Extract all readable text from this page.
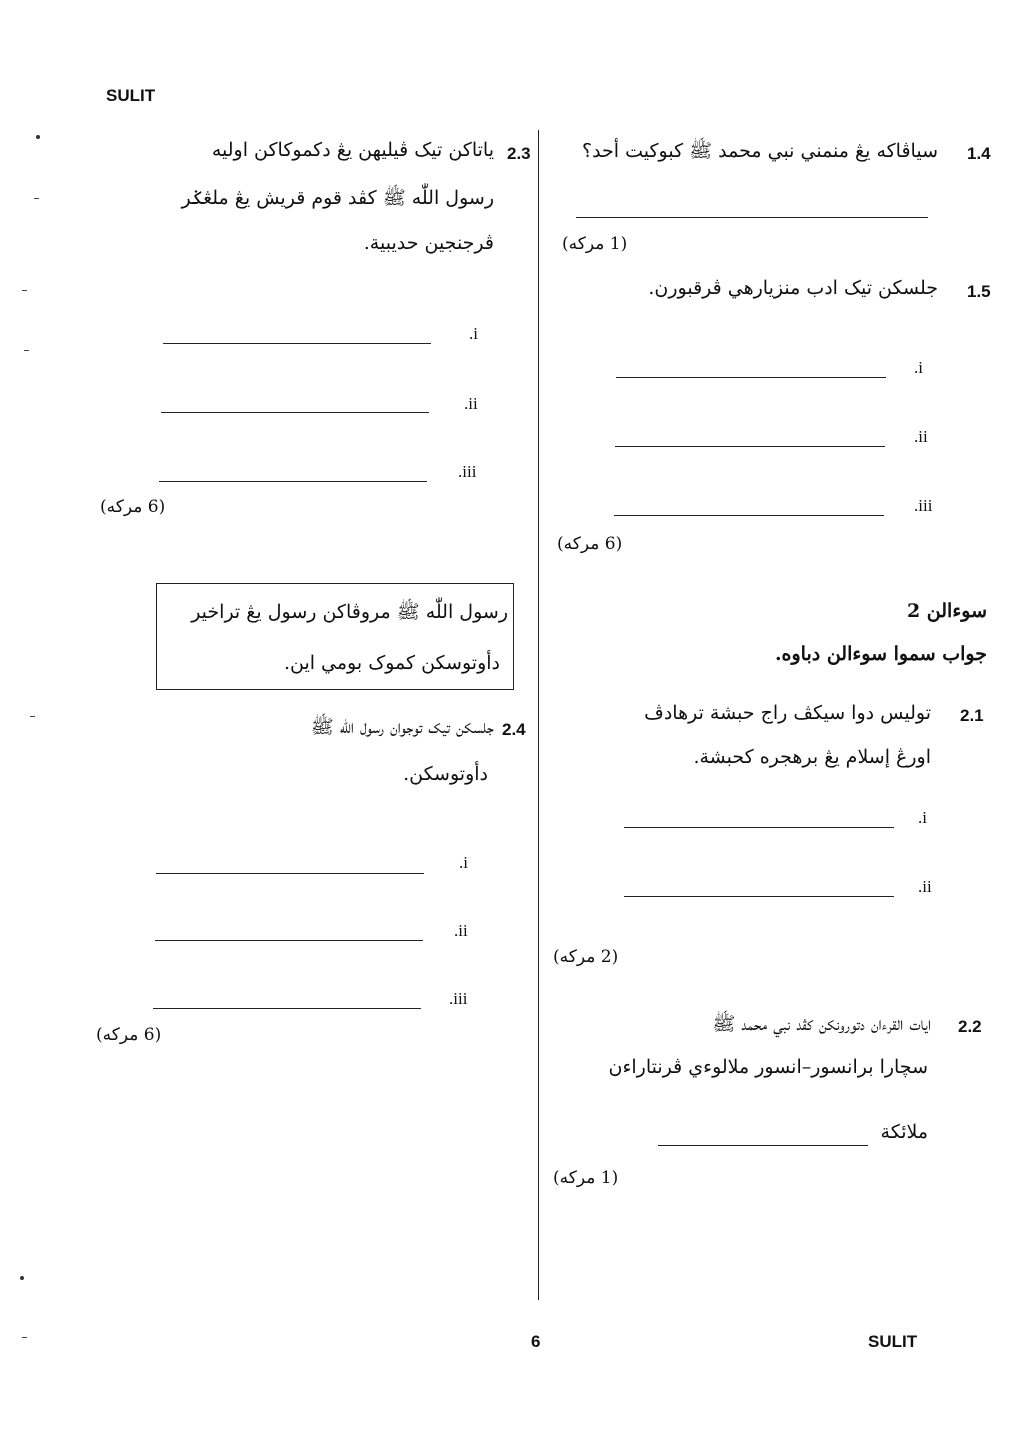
SULIT
6	SULIT
1.4
سياڤاكه يڠ منمني نبي محمد ﷺ كبوكيت أحد؟
(1 مركه)
1.5
جلسكن تيک ادب منزيارهي ڤرقبورن.
.i
.ii
.iii
(6 مركه)
سوءالن 2
جواب سموا سوءالن دباوه.
2.1
توليس دوا سيكڤ راج حبشة ترهادڤ
اورڠ إسلام يڠ برهجره كحبشة.
.i
.ii
(2 مركه)
2.2
ايات القرءان دتورونكن كڤد نبي محمد ﷺ
سچارا برانسور–انسور ملالوءي ڤرنتارا‌ءن
ملائكة
(1 مركه)
2.3
ياتاكن تيک ڤيليهن يڠ دكموكاكن اوليه
رسول اللّٰه ﷺ كڤد قوم قريش يڠ ملڠݢر
ڤرجنجين حديبية.
.i
.ii
.iii
(6 مركه)
رسول اللّٰه ﷺ مروڤاكن رسول يڠ تراخير
دأوتوسكن كموک بومي اين.
2.4
جلسكن تيک توجوان رسول اللّٰه ﷺ
دأوتوسكن.
.i
.ii
.iii
(6 مركه)
